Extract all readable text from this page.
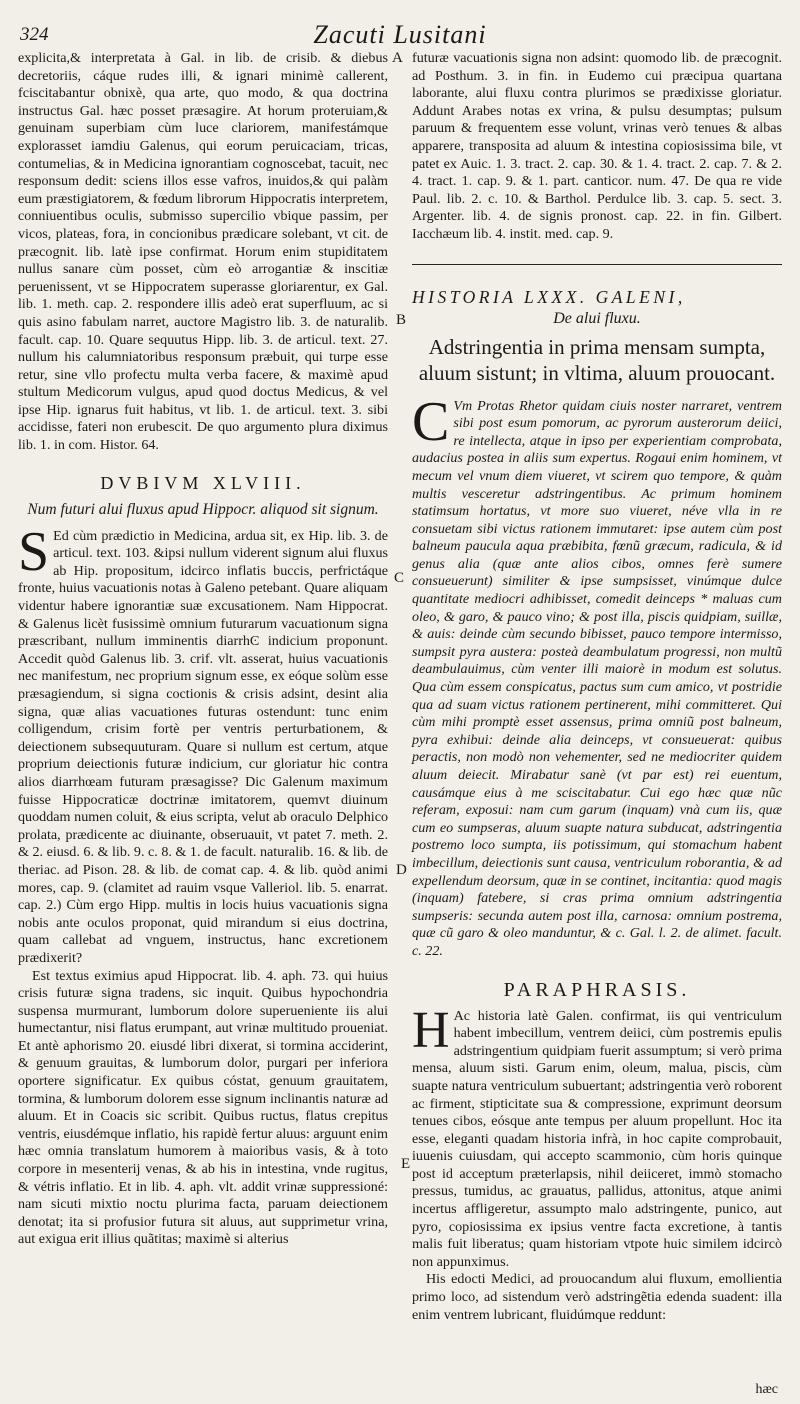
324	Zacuti Lusitani
A
B
C
D
E

explicita,& interpretata à Gal. in lib. de crisib. & diebus decretoriis, cáque rudes illi, & ignari minimè callerent, fciscitabantur obnixè, qua arte, quo modo, & qua doctrina instructus Gal. hæc posset præsagire. At horum proteruiam,& genuinam superbiam cùm luce clariorem, manifestámque explorasset iamdiu Galenus, qui eorum peruicaciam, tricas, contumelias, & in Medicina ignorantiam cognoscebat, tacuit, nec responsum dedit: sciens illos esse vafros, inuidos,& qui palàm eum præstigiatorem, & fœdum librorum Hippocratis interpretem, conniuentibus oculis, submisso supercilio vbique passim, per vicos, plateas, fora, in concionibus prædicare solebant, vt cit. de præcognit. lib. latè ipse confirmat. Horum enim stupiditatem nullus sanare cùm posset, cùm eò arrogantiæ & inscitiæ peruenissent, vt se Hippocratem superasse gloriarentur, ex Gal. lib. 1. meth. cap. 2. respondere illis adeò erat superfluum, ac si quis asino fabulam narret, auctore Magistro lib. 3. de naturalib. facult. cap. 10. Quare sequutus Hipp. lib. 3. de articul. text. 27. nullum his calumniatoribus responsum præbuit, qui turpe esse retur, sine vllo profectu multa verba facere, & maximè apud stultum Medicorum vulgus, apud quod doctus Medicus, & vel ipse Hip. ignarus fuit habitus, vt lib. 1. de articul. text. 3. sibi accidisse, fateri non erubescit. De quo argumento plura diximus lib. 1. in com. Histor. 64.

DVBIVM XLVIII.
Num futuri alui fluxus apud Hippocr. aliquod sit signum.

S Ed cùm prædictio in Medicina, ardua sit, ex Hip. lib. 3. de articul. text. 103. &ipsi nullum viderent signum alui fluxus ab Hip. propositum, idcirco inflatis buccis, perfrictáque fronte, huius vacuationis notas à Galeno petebant. Quare aliquam videntur habere ignorantiæ suæ excusationem. Nam Hippocrat. & Galenus licèt fusissimè omnium futurarum vacuationum signa præscribant, nullum imminentis diarrhϾ indicium proponunt. Accedit quòd Galenus lib. 3. crif. vlt. asserat, huius vacuationis nec manifestum, nec proprium signum esse, ex eóque solùm esse præsagiendum, si signa coctionis & crisis adsint, desint alia signa, quæ alias vacuationes futuras ostendunt: tunc enim colligendum, crisim fortè per ventris perturbationem, & deiectionem subsequuturam. Quare si nullum est certum, atque proprium deiectionis futuræ indicium, cur gloriatur hic contra alios diarrhœam futuram præsagisse? Dic Galenum maximum fuisse Hippocraticæ doctrinæ imitatorem, quemvt diuinum quoddam numen coluit, & eius scripta, velut ab oraculo Delphico prolata, prædicente ac diuinante, obseruauit, vt patet 7. meth. 2. & 2. eiusd. 6. & lib. 9. c. 8. & 1. de facult. naturalib. 16. & lib. de theriac. ad Pison. 28. & lib. de comat cap. 4. & lib. quòd animi mores, cap. 9. (clamitet ad rauim vsque Valleriol. lib. 5. enarrat. cap. 2.) Cùm ergo Hipp. multis in locis huius vacuationis signa nobis ante oculos proponat, quid mirandum si eius doctrina, quam callebat ad vnguem, instructus, hanc excretionem prædixerit?

Est textus eximius apud Hippocrat. lib. 4. aph. 73. qui huius crisis futuræ signa tradens, sic inquit. Quibus hypochondria suspensa murmurant, lumborum dolore superueniente iis alui humectantur, nisi flatus erumpant, aut vrinæ multitudo proueniat. Et antè aphorismo 20. eiusdé libri dixerat, si tormina acciderint, & genuum grauitas, & lumborum dolor, purgari per inferiora oportere significatur. Ex quibus cóstat, genuum grauitatem, tormina, & lumborum dolorem esse signum inclinantis naturæ ad aluum. Et in Coacis sic scribit. Quibus ructus, flatus crepitus ventris, eiusdémque inflatio, his rapidè fertur aluus: arguunt enim hæc omnia translatum humorem à maioribus vasis, & à toto corpore in mesenterij venas, & ab his in intestina, vnde rugitus, & vétris inflatio. Et in lib. 4. aph. vlt. addit vrinæ suppressioné: nam sicuti mixtio noctu plurima facta, paruam deiectionem denotat; ita si profusior futura sit aluus, aut supprimetur vrina, aut exigua erit illius quãtitas; maximè si alterius

futuræ vacuationis signa non adsint: quomodo lib. de præcognit. ad Posthum. 3. in fin. in Eudemo cui præcipua quartana laborante, alui fluxu contra plurimos se prædixisse gloriatur. Addunt Arabes notas ex vrina, & pulsu desumptas; pulsum paruum & frequentem esse volunt, vrinas verò tenues & albas apparere, transposita ad aluum & intestina copiosissima bile, vt patet ex Auic. 1. 3. tract. 2. cap. 30. & 1. 4. tract. 2. cap. 7. & 2. 4. tract. 1. cap. 9. & 1. part. canticor. num. 47. De qua re vide Paul. lib. 2. c. 10. & Barthol. Perdulce lib. 3. cap. 5. sect. 3. Argenter. lib. 4. de signis pronost. cap. 22. in fin. Gilbert. Iacchæum lib. 4. instit. med. cap. 9.

HISTORIA LXXX. GALENI,
De alui fluxu.
Adstringentia in prima mensam sumpta, aluum sistunt; in vltima, aluum prouocant.

C Vm Protas Rhetor quidam ciuis noster narraret, ventrem sibi post esum pomorum, ac pyrorum austerorum deiici, re intellecta, atque in ipso per experientiam comprobata, audacius postea in aliis sum expertus. Rogaui enim hominem, vt mecum vel vnum diem viueret, vt scirem quo tempore, & quàm multis vesceretur adstringentibus. Ac primum hominem statimsum hortatus, vt more suo viueret, néve vlla in re consuetam sibi victus rationem immutaret: ipse autem cùm post balneum paucula aqua præbibita, fœnũ græcum, radicula, & id genus alia (quæ ante alios cibos, omnes ferè sumere consueuerunt) similiter & ipse sumpsisset, vinúmque dulce quantitate mediocri adhibisset, comedit deinceps * maluas cum oleo, & garo, & pauco vino; & post illa, piscis quidpiam, suillæ, & auis: deinde cùm secundo bibisset, pauco tempore intermisso, sumpsit pyra austera: posteà deambulatum progressi, non multũ deambulauimus, cùm venter illi maiorè in modum est solutus. Qua cùm essem conspicatus, pactus sum cum amico, vt postridie qua ad suam victus rationem pertinerent, mihi committeret. Qui cùm mihi promptè esset assensus, prima omniũ post balneum, pyra exhibui: deinde alia deinceps, vt consueuerat: quibus peractis, non modò non vehementer, sed ne mediocriter quidem aluum deiecit. Mirabatur sanè (vt par est) rei euentum, causámque eius à me sciscitabatur. Cui ego hæc quæ nũc referam, exposui: nam cum garum (inquam) vnà cum iis, quæ cum eo sumpseras, aluum suapte natura subducat, adstringentia postremo loco sumpta, iis potissimum, qui stomachum habent imbecillum, deiectionis sunt causa, ventriculum roborantia, & ad expellendum deorsum, quæ in se continet, incitantia: quod magis (inquam) fatebere, si cras prima omnium adstringentia sumpseris: secunda autem post illa, carnosa: omnium postrema, quæ cũ garo & oleo manduntur, & c. Gal. l. 2. de alimet. facult. c. 22.

PARAPHRASIS.

H Ac historia latè Galen. confirmat, iis qui ventriculum habent imbecillum, ventrem deiici, cùm postremis epulis adstringentium quidpiam fuerit assumptum; si verò prima mensa, aluum sisti. Garum enim, oleum, malua, piscis, cùm suapte natura ventriculum subuertant; adstringentia verò roborent ac firment, stipticitate sua & compressione, exprimunt deorsum tenues cibos, eósque ante tempus per aluum propellunt. Hoc ita esse, eleganti quadam historia infrà, in hoc capite comprobauit, iuuenis cuiusdam, qui accepto scammonio, cùm horis quinque post id acceptum præterlapsis, nihil deiiceret, immò stomacho pressus, tumidus, ac grauatus, pallidus, attonitus, atque animi incertus affligeretur, assumpto malo adstringente, punico, aut pyro, copiosissima ex ipsius ventre facta excretione, à tantis malis fuit liberatus; quam historiam vtpote huic similem idcircò non appunximus.

His edocti Medici, ad prouocandum alui fluxum, emollientia primo loco, ad sistendum verò adstringẽtia edenda suadent: illa enim ventrem lubricant, fluidúmque reddunt:

hæc
